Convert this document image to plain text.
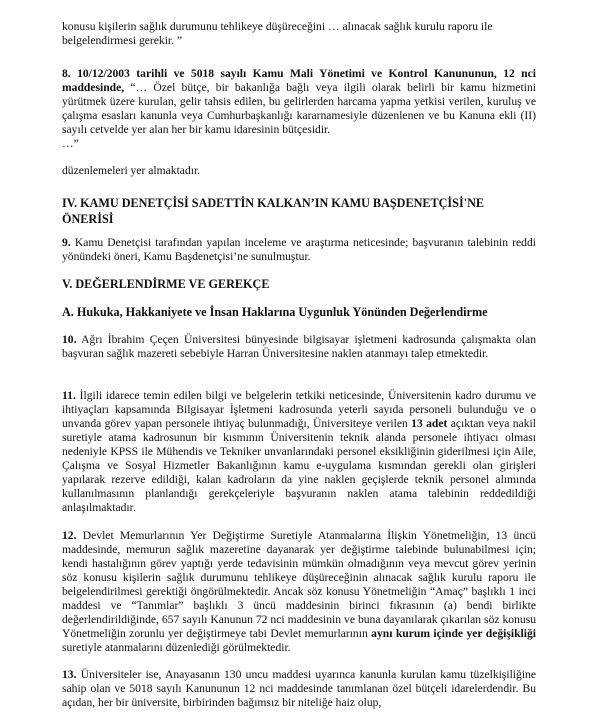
konusu kişilerin sağlık durumunu tehlikeye düşüreceğini … alınacak sağlık kurulu raporu ile
belgelendirmesi gerekir. ”

8. 10/12/2003 tarihli ve 5018 sayılı Kamu Mali Yönetimi ve Kontrol Kanununun, 12 nci maddesinde, “… Özel bütçe, bir bakanlığa bağlı veya ilgili olarak belirli bir kamu hizmetini yürütmek üzere kurulan, gelir tahsis edilen, bu gelirlerden harcama yapma yetkisi verilen, kuruluş ve çalışma esasları kanunla veya Cumhurbaşkanlığı kararnamesiyle düzenlenen ve bu Kanuna ekli (II) sayılı cetvelde yer alan her bir kamu idaresinin bütçesidir.
…”

düzenlemeleri yer almaktadır.

IV. KAMU DENETÇİSİ SADETTİN KALKAN’IN KAMU BAŞDENETÇİSİ'NE ÖNERİSİ

9. Kamu Denetçisi tarafından yapılan inceleme ve araştırma neticesinde; başvuranın talebinin reddi yönündeki öneri, Kamu Başdenetçisi’ne sunulmuştur.

V. DEĞERLENDİRME VE GEREKÇE

A. Hukuka, Hakkaniyete ve İnsan Haklarına Uygunluk Yönünden Değerlendirme

10. Ağrı İbrahim Çeçen Üniversitesi bünyesinde bilgisayar işletmeni kadrosunda çalışmakta olan başvuran sağlık mazereti sebebiyle Harran Üniversitesine naklen atanmayı talep etmektedir.

11. İlgili idarece temin edilen bilgi ve belgelerin tetkiki neticesinde, Üniversitenin kadro durumu ve ihtiyaçları kapsamında Bilgisayar İşletmeni kadrosunda yeterli sayıda personeli bulunduğu ve o unvanda görev yapan personele ihtiyaç bulunmadığı, Üniversiteye verilen 13 adet açıktan veya nakil suretiyle atama kadrosunun bir kısmının Üniversitenin teknik alanda personele ihtiyacı olması nedeniyle KPSS ile Mühendis ve Tekniker unvanlarındaki personel eksikliğinin giderilmesi için Aile, Çalışma ve Sosyal Hizmetler Bakanlığının kamu e-uygulama kısmından gerekli olan girişleri yapılarak rezerve edildiği, kalan kadroların da yine naklen geçişlerde teknik personel alımında kullanılmasının planlandığı gerekçeleriyle başvuranın naklen atama talebinin reddedildiği anlaşılmaktadır.

12. Devlet Memurlarının Yer Değiştirme Suretiyle Atanmalarına İlişkin Yönetmeliğin, 13 üncü maddesinde, memurun sağlık mazeretine dayanarak yer değiştirme talebinde bulunabilmesi için; kendi hastalığının görev yaptığı yerde tedavisinin mümkün olmadığının veya mevcut görev yerinin söz konusu kişilerin sağlık durumunu tehlikeye düşüreceğinin alınacak sağlık kurulu raporu ile belgelendirilmesi gerektiği öngörülmektedir. Ancak söz konusu Yönetmeliğin “Amaç” başlıklı 1 inci maddesi ve “Tanımlar” başlıklı 3 üncü maddesinin birinci fıkrasının (a) bendi birlikte değerlendirildiğinde, 657 sayılı Kanunun 72 nci maddesinin ve buna dayanılarak çıkarılan söz konusu Yönetmeliğin zorunlu yer değiştirmeye tabi Devlet memurlarının aynı kurum içinde yer değişikliği suretiyle atanmalarını düzenlediği görülmektedir.

13. Üniversiteler ise, Anayasanın 130 uncu maddesi uyarınca kanunla kurulan kamu tüzelkişiliğine sahip olan ve 5018 sayılı Kanununun 12 nci maddesinde tanımlanan özel bütçeli idarelerdendir. Bu açıdan, her bir üniversite, birbirinden bağımsız bir niteliğe haiz olup,
